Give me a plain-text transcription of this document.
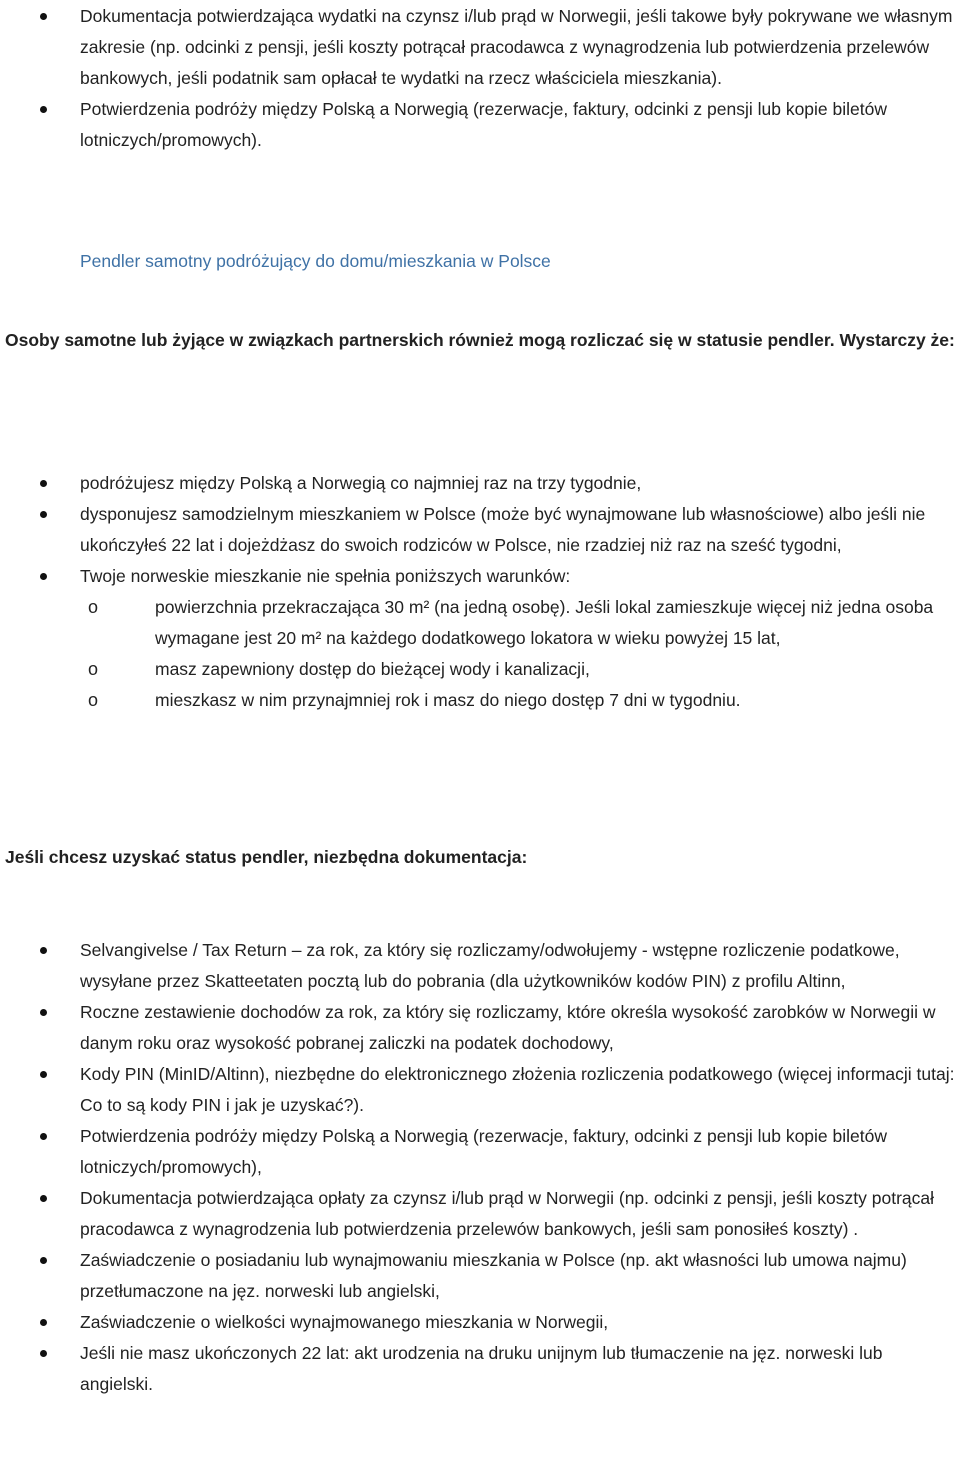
Dokumentacja potwierdzająca wydatki na czynsz i/lub prąd w Norwegii, jeśli takowe były pokrywane we własnym zakresie (np. odcinki z pensji, jeśli koszty potrącał pracodawca z wynagrodzenia lub potwierdzenia przelewów bankowych, jeśli podatnik sam opłacał te wydatki na rzecz właściciela mieszkania).
Potwierdzenia podróży między Polską a Norwegią (rezerwacje, faktury, odcinki z pensji lub kopie biletów lotniczych/promowych).
Pendler samotny podróżujący do domu/mieszkania w Polsce

Osoby samotne lub żyjące w związkach partnerskich również mogą rozliczać się w statusie pendler. Wystarczy że:

podróżujesz między Polską a Norwegią co najmniej raz na trzy tygodnie,
dysponujesz samodzielnym mieszkaniem w Polsce (może być wynajmowane lub własnościowe) albo jeśli nie ukończyłeś 22 lat i dojeżdżasz do swoich rodziców w Polsce, nie rzadziej niż raz na sześć tygodni,
Twoje norweskie mieszkanie nie spełnia poniższych warunków:
o	powierzchnia przekraczająca 30 m² (na jedną osobę). Jeśli lokal zamieszkuje więcej niż jedna osoba wymagane jest 20 m² na każdego dodatkowego lokatora w wieku powyżej 15 lat,
o	masz zapewniony dostęp do bieżącej wody i kanalizacji,
o	mieszkasz w nim przynajmniej rok i masz do niego dostęp 7 dni w tygodniu.

Jeśli chcesz uzyskać status pendler, niezbędna dokumentacja:

Selvangivelse / Tax Return – za rok, za który się rozliczamy/odwołujemy - wstępne rozliczenie podatkowe, wysyłane przez Skatteetaten pocztą lub do pobrania (dla użytkowników kodów PIN) z profilu Altinn,
Roczne zestawienie dochodów za rok, za który się rozliczamy, które określa wysokość zarobków w Norwegii w danym roku oraz wysokość pobranej zaliczki na podatek dochodowy,
Kody PIN (MinID/Altinn), niezbędne do elektronicznego złożenia rozliczenia podatkowego (więcej informacji tutaj: Co to są kody PIN i jak je uzyskać?).
Potwierdzenia podróży między Polską a Norwegią (rezerwacje, faktury, odcinki z pensji lub kopie biletów lotniczych/promowych),
Dokumentacja potwierdzająca opłaty za czynsz i/lub prąd w Norwegii (np. odcinki z pensji, jeśli koszty potrącał pracodawca z wynagrodzenia lub potwierdzenia przelewów bankowych, jeśli sam ponosiłeś koszty) .
Zaświadczenie o posiadaniu lub wynajmowaniu mieszkania w Polsce (np. akt własności lub umowa najmu) przetłumaczone na jęz. norweski lub angielski,
Zaświadczenie o wielkości wynajmowanego mieszkania w Norwegii,
Jeśli nie masz ukończonych 22 lat: akt urodzenia na druku unijnym lub tłumaczenie na jęz. norweski lub angielski.
